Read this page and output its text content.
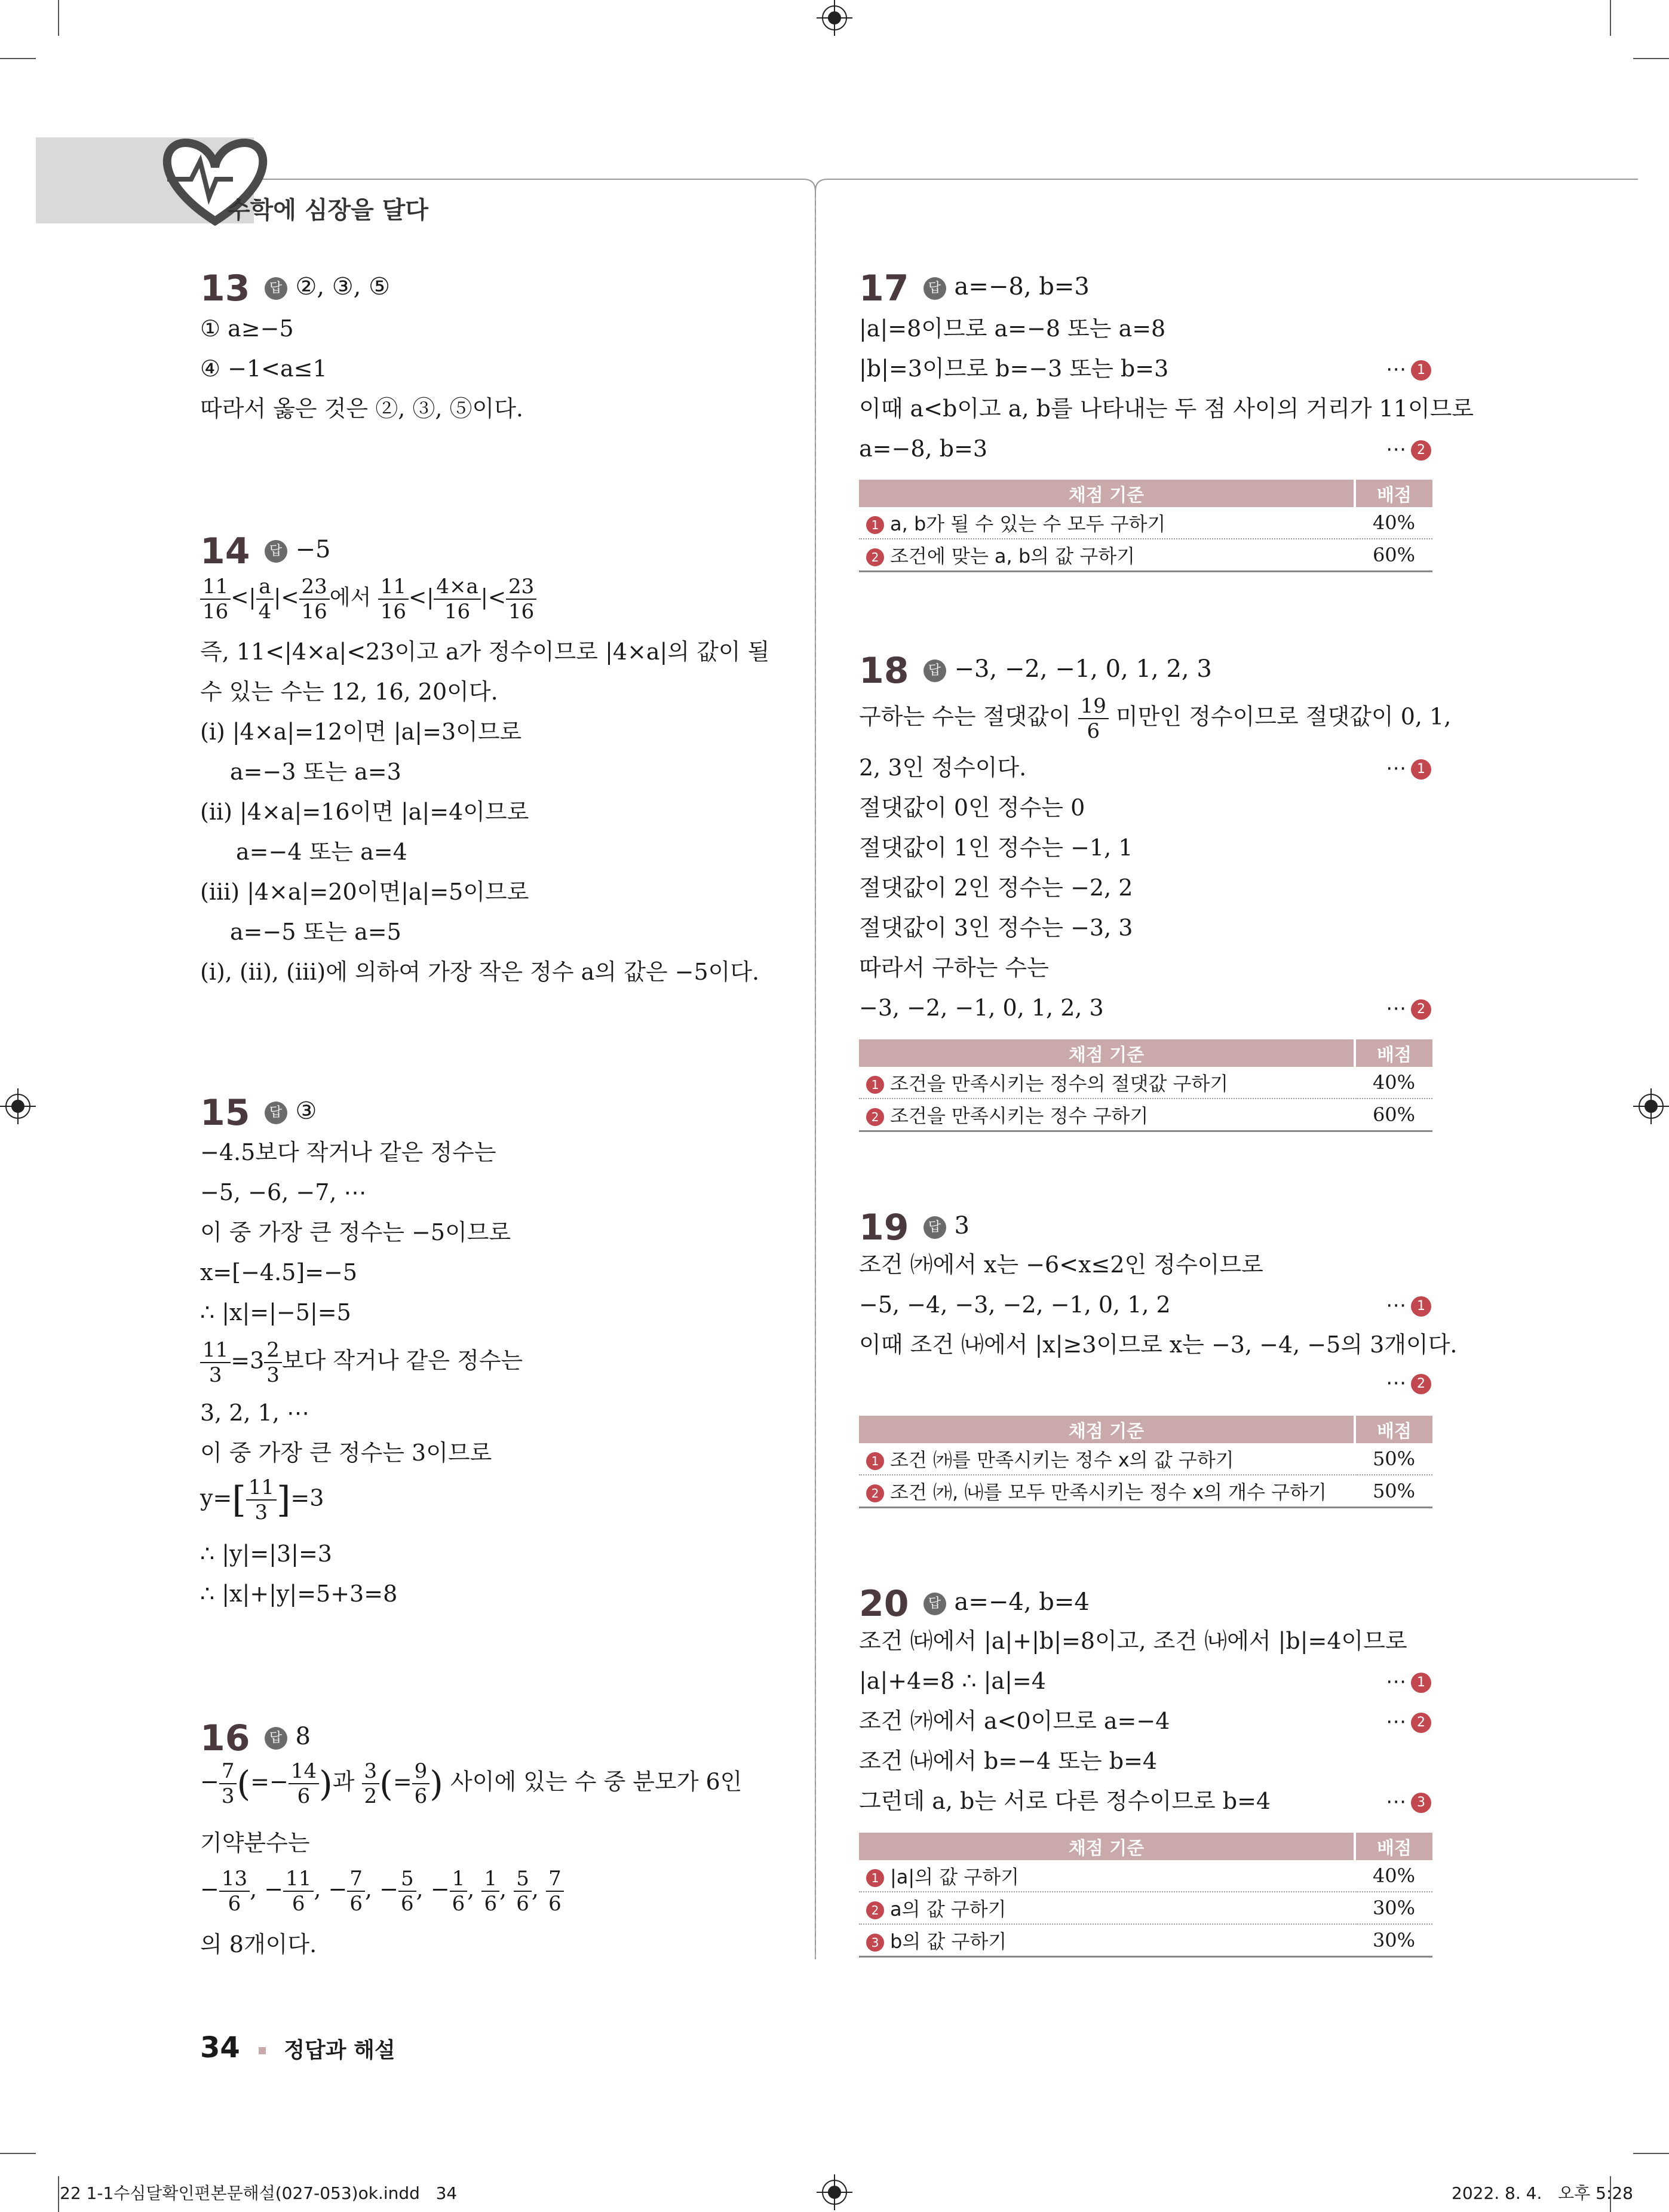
수학에 심장을 달다
13 답 ②, ③, ⑤
① a≥−5
④ −1<a≤1
따라서 옳은 것은 ②, ③, ⑤이다.
14 답 −5
$\frac{11}{16}$ <| $\frac{a}{4}$ |< $\frac{23}{16}$ 에서 $\frac{11}{16}$ <| $\frac{4\times a}{16}$ |< $\frac{23}{16}$
즉, 11<|4×a|<23이고 a가 정수이므로 |4×a|의 값이 될
수 있는 수는 12, 16, 20이다.
(ⅰ) |4×a|=12이면 |a|=3이므로
a=−3 또는 a=3
(ⅱ) |4×a|=16이면 |a|=4이므로
a=−4 또는 a=4
(ⅲ) |4×a|=20이면|a|=5이므로
a=−5 또는 a=5
(ⅰ), (ⅱ), (ⅲ)에 의하여 가장 작은 정수 a의 값은 −5이다.
15 답 ③
−4.5보다 작거나 같은 정수는
−5, −6, −7, ⋯
이 중 가장 큰 정수는 −5이므로
x=[−4.5]=−5
∴ |x|=|−5|=5
$\frac{11}{3} =3 \frac{2}{3}$ 보다 작거나 같은 정수는
3, 2, 1, ⋯
이 중 가장 큰 정수는 3이므로
$y=[ \frac{11}{3} ]=3$
∴ |y|=|3|=3
∴ |x|+|y|=5+3=8
16 답 8
− $\frac{7}{3}$ (=− $\frac{14}{6}$ )과 $\frac{3}{2}$ (= $\frac{9}{6}$ ) 사이에 있는 수 중 분모가 6인
기약분수는
− $\frac{13}{6}$ , − $\frac{11}{6}$ , − $\frac{7}{6}$ , − $\frac{5}{6}$ , − $\frac{1}{6}$ , $\frac{1}{6}$ , $\frac{5}{6}$ , $\frac{7}{6}$
의 8개이다.
17 답 a=−8, b=3
|a|=8이므로 a=−8 또는 a=8
|b|=3이므로 b=−3 또는 b=3	⋯ 1
이때 a<b이고 a, b를 나타내는 두 점 사이의 거리가 11이므로
a=−8, b=3	⋯ 2
채점 기준	배점
1 a, b가 될 수 있는 수 모두 구하기	40%
2 조건에 맞는 a, b의 값 구하기	60%
18 답 −3, −2, −1, 0, 1, 2, 3
구하는 수는 절댓값이 $\frac{19}{6}$ 미만인 정수이므로 절댓값이 0, 1,
2, 3인 정수이다.	⋯ 1
절댓값이 0인 정수는 0
절댓값이 1인 정수는 −1, 1
절댓값이 2인 정수는 −2, 2
절댓값이 3인 정수는 −3, 3
따라서 구하는 수는
−3, −2, −1, 0, 1, 2, 3	⋯ 2
채점 기준	배점
1 조건을 만족시키는 정수의 절댓값 구하기	40%
2 조건을 만족시키는 정수 구하기	60%
19 답 3
조건 ㈎에서 x는 −6<x≤2인 정수이므로
−5, −4, −3, −2, −1, 0, 1, 2	⋯ 1
이때 조건 ㈏에서 |x|≥3이므로 x는 −3, −4, −5의 3개이다.
⋯ 2
채점 기준	배점
1 조건 ㈎를 만족시키는 정수 x의 값 구하기	50%
2 조건 ㈎, ㈏를 모두 만족시키는 정수 x의 개수 구하기	50%
20 답 a=−4, b=4
조건 ㈐에서 |a|+|b|=8이고, 조건 ㈏에서 |b|=4이므로
|a|+4=8 ∴ |a|=4	⋯ 1
조건 ㈎에서 a<0이므로 a=−4	⋯ 2
조건 ㈏에서 b=−4 또는 b=4
그런데 a, b는 서로 다른 정수이므로 b=4	⋯ 3
채점 기준	배점
1 |a|의 값 구하기	40%
2 a의 값 구하기	30%
3 b의 값 구하기	30%
34 정답과 해설
22 1-1수심달확인편본문해설(027-053)ok.indd   34	2022. 8. 4.   오후 5:28
